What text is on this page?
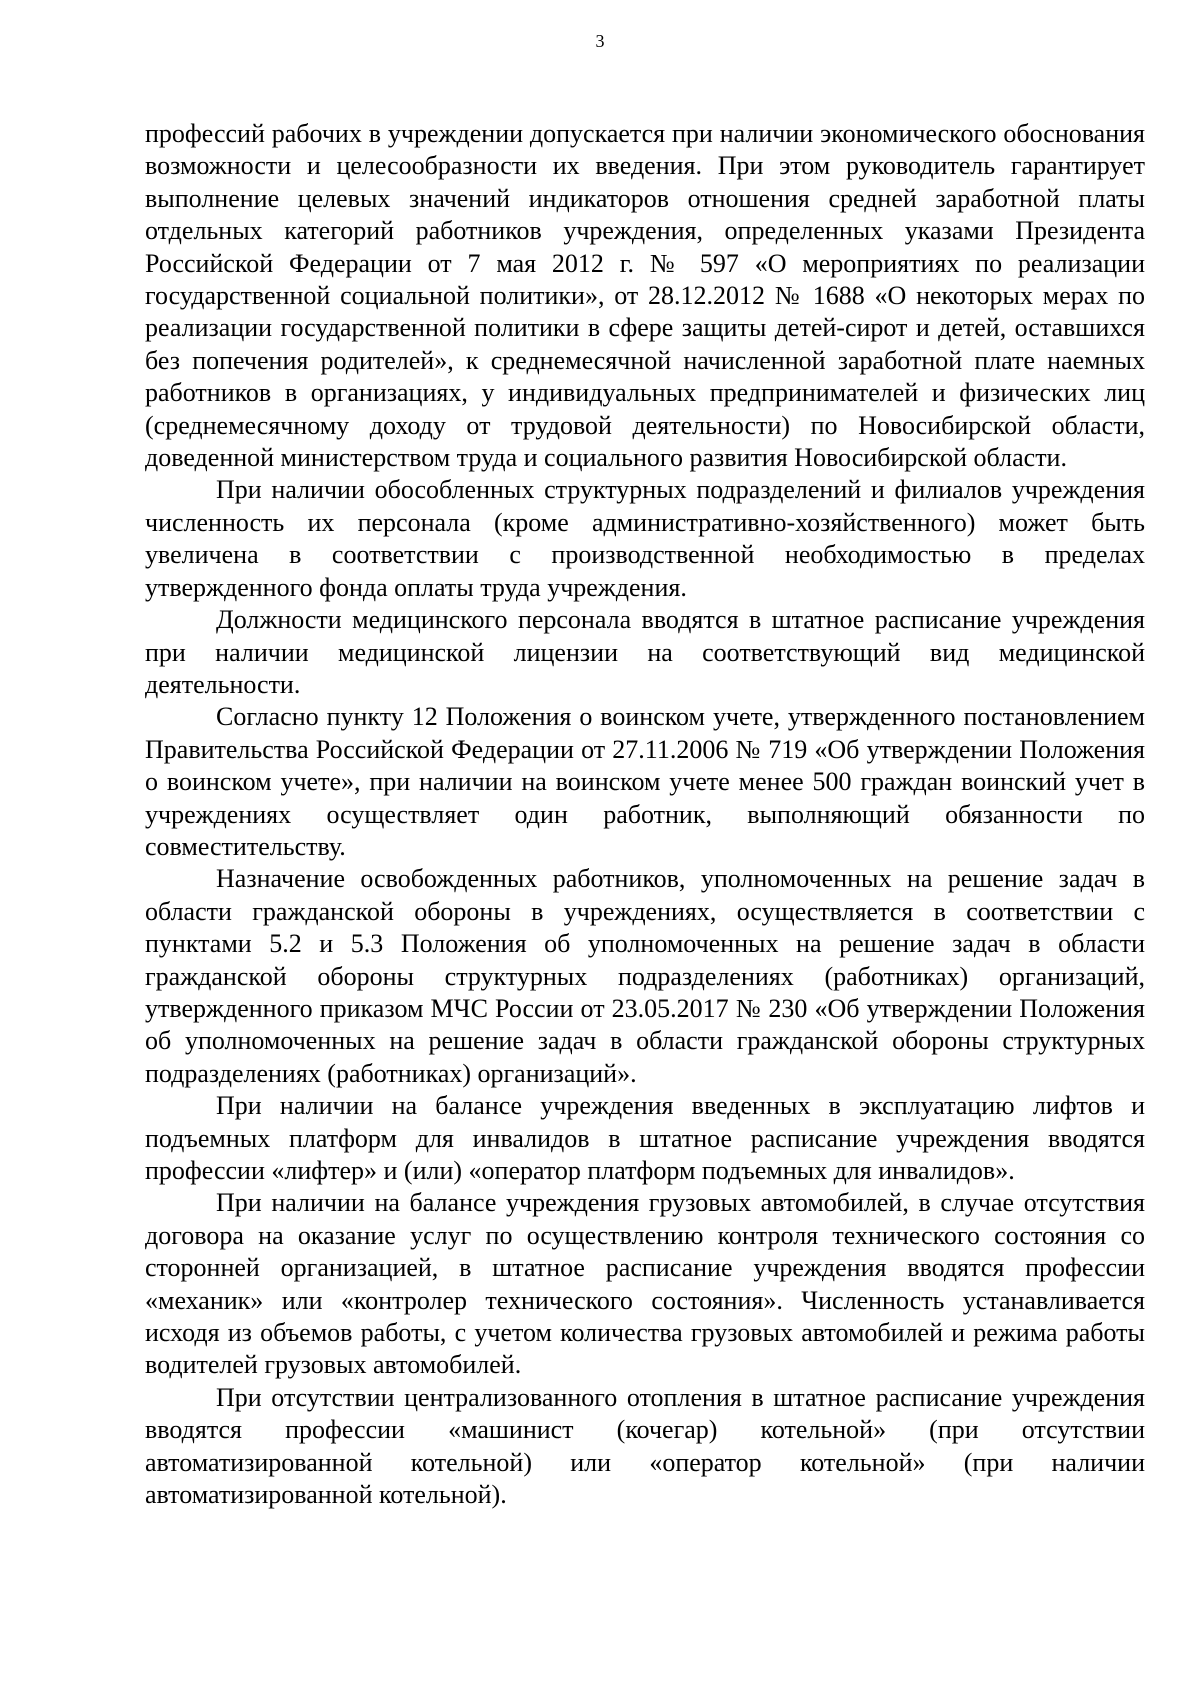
3

профессий рабочих в учреждении допускается при наличии экономического обоснования возможности и целесообразности их введения. При этом руководитель гарантирует выполнение целевых значений индикаторов отношения средней заработной платы отдельных категорий работников учреждения, определенных указами Президента Российской Федерации от 7 мая 2012 г. № 597 «О мероприятиях по реализации государственной социальной политики», от 28.12.2012 № 1688 «О некоторых мерах по реализации государственной политики в сфере защиты детей-сирот и детей, оставшихся без попечения родителей», к среднемесячной начисленной заработной плате наемных работников в организациях, у индивидуальных предпринимателей и физических лиц (среднемесячному доходу от трудовой деятельности) по Новосибирской области, доведенной министерством труда и социального развития Новосибирской области.

При наличии обособленных структурных подразделений и филиалов учреждения численность их персонала (кроме административно-хозяйственного) может быть увеличена в соответствии с производственной необходимостью в пределах утвержденного фонда оплаты труда учреждения.

Должности медицинского персонала вводятся в штатное расписание учреждения при наличии медицинской лицензии на соответствующий вид медицинской деятельности.

Согласно пункту 12 Положения о воинском учете, утвержденного постановлением Правительства Российской Федерации от 27.11.2006 № 719 «Об утверждении Положения о воинском учете», при наличии на воинском учете менее 500 граждан воинский учет в учреждениях осуществляет один работник, выполняющий обязанности по совместительству.

Назначение освобожденных работников, уполномоченных на решение задач в области гражданской обороны в учреждениях, осуществляется в соответствии с пунктами 5.2 и 5.3 Положения об уполномоченных на решение задач в области гражданской обороны структурных подразделениях (работниках) организаций, утвержденного приказом МЧС России от 23.05.2017 № 230 «Об утверждении Положения об уполномоченных на решение задач в области гражданской обороны структурных подразделениях (работниках) организаций».

При наличии на балансе учреждения введенных в эксплуатацию лифтов и подъемных платформ для инвалидов в штатное расписание учреждения вводятся профессии «лифтер» и (или) «оператор платформ подъемных для инвалидов».

При наличии на балансе учреждения грузовых автомобилей, в случае отсутствия договора на оказание услуг по осуществлению контроля технического состояния со сторонней организацией, в штатное расписание учреждения вводятся профессии «механик» или «контролер технического состояния». Численность устанавливается исходя из объемов работы, с учетом количества грузовых автомобилей и режима работы водителей грузовых автомобилей.

При отсутствии централизованного отопления в штатное расписание учреждения вводятся профессии «машинист (кочегар) котельной» (при отсутствии автоматизированной котельной) или «оператор котельной» (при наличии автоматизированной котельной).
